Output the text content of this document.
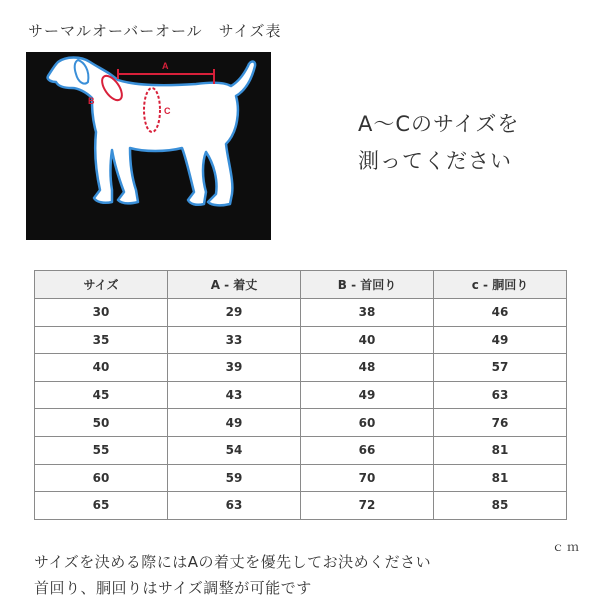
サーマルオーバーオール　サイズ表
A
B
C
A～Cのサイズを
測ってください
サイズ	A - 着丈	B - 首回り	c - 胴回り
30	29	38	46
35	33	40	49
40	39	48	57
45	43	49	63
50	49	60	76
55	54	66	81
60	59	70	81
65	63	72	85
ｃｍ
サイズを決める際にはAの着丈を優先してお決めください
首回り、胴回りはサイズ調整が可能です
